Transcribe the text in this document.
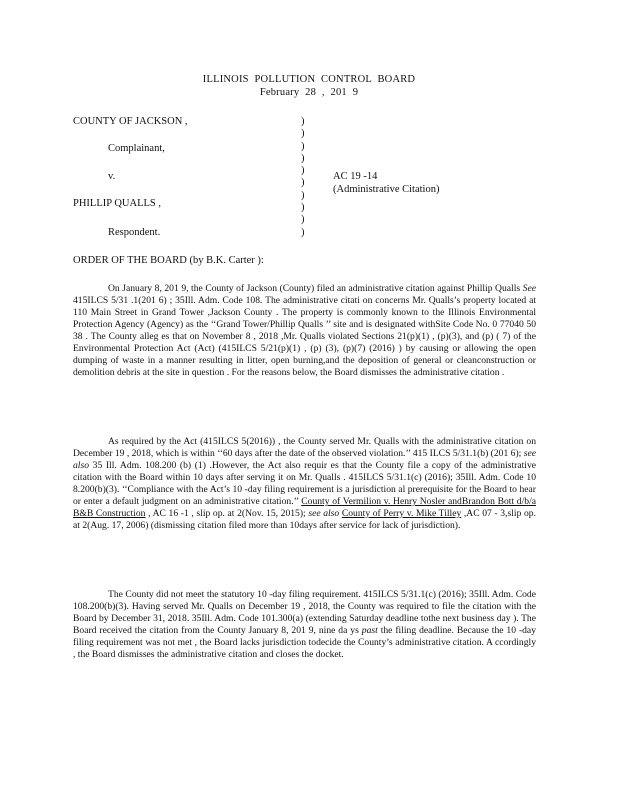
ILLINOIS POLLUTION CONTROL BOARD
February 28 , 201 9
COUNTY OF JACKSON ,
Complainant,
v.
PHILLIP QUALLS ,
Respondent.
AC 19 -14
(Administrative Citation)
)
)
)
)
)
)
)
)
)
)
ORDER OF THE BOARD (by B.K. Carter ):
On January 8, 201 9, the County of Jackson (County) filed an administrative citation against Phillip Qualls See 415ILCS 5/31 .1(201 6) ; 35Ill. Adm. Code 108. The administrative citati on concerns Mr. Qualls’s property located at 110 Main Street in Grand Tower ,Jackson County . The property is commonly known to the Illinois Environmental Protection Agency (Agency) as the ‘‘Grand Tower/Phillip Qualls ’’ site and is designated withSite Code No. 0 77040 50 38 . The County alleg es that on November 8 , 2018 ,Mr. Qualls violated Sections 21(p)(1) , (p)(3), and (p) ( 7) of the Environmental Protection Act (Act) (415ILCS 5/21(p)(1) , (p) (3), (p)(7) (2016) ) by causing or allowing the open dumping of waste in a manner resulting in litter, open burning,and the deposition of general or cleanconstruction or demolition debris at the site in question . For the reasons below, the Board dismisses the administrative citation .
As required by the Act (415ILCS 5(2016)) , the County served Mr. Qualls with the administrative citation on December 19 , 2018, which is within ‘‘60 days after the date of the observed violation.’’ 415 ILCS 5/31.1(b) (201 6); see also 35 Ill. Adm. 108.200 (b) (1) .However, the Act also requir es that the County file a copy of the administrative citation with the Board within 10 days after serving it on Mr. Qualls . 415ILCS 5/31.1(c) (2016); 35Ill. Adm. Code 10 8.200(b)(3). ‘‘Compliance with the Act’s 10 -day filing requirement is a jurisdiction al prerequisite for the Board to hear or enter a default judgment on an administrative citation.’’ County of Vermilion v. Henry Nosler andBrandon Bott d/b/a B&B Construction , AC 16 -1 , slip op. at 2(Nov. 15, 2015); see also County of Perry v. Mike Tilley ,AC 07 - 3,slip op. at 2(Aug. 17, 2006) (dismissing citation filed more than 10days after service for lack of jurisdiction).
The County did not meet the statutory 10 -day filing requirement. 415ILCS 5/31.1(c) (2016); 35Ill. Adm. Code 108.200(b)(3). Having served Mr. Qualls on December 19 , 2018, the County was required to file the citation with the Board by December 31, 2018. 35Ill. Adm. Code 101.300(a) (extending Saturday deadline tothe next business day ). The Board received the citation from the County January 8, 201 9, nine da ys past the filing deadline. Because the 10 -day filing requirement was not met , the Board lacks jurisdiction todecide the County’s administrative citation. A ccordingly , the Board dismisses the administrative citation and closes the docket.
